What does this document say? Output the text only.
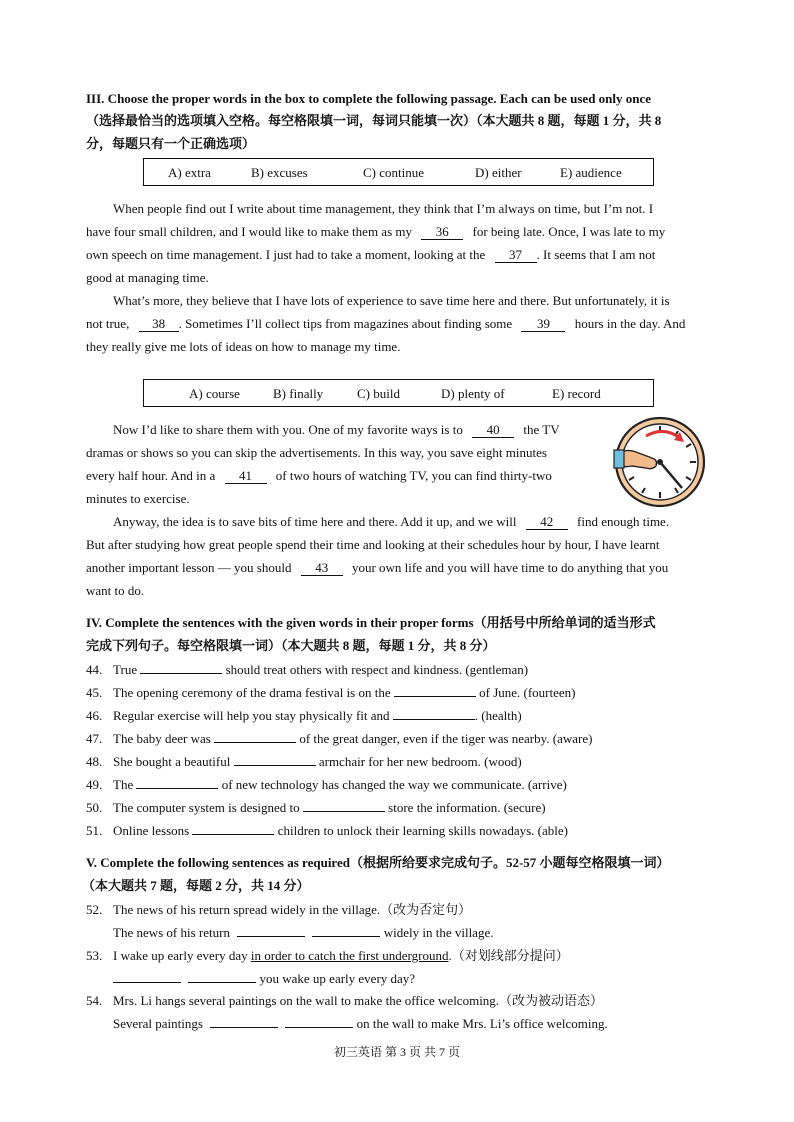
III. Choose the proper words in the box to complete the following passage. Each can be used only once
（选择最恰当的选项填入空格。每空格限填一词，每词只能填一次）（本大题共 8 题，每题 1 分，共 8
分，每题只有一个正确选项）
A) extra	B) excuses	C) continue	D) either	E) audience
When people find out I write about time management, they think that I’m always on time, but I’m not. I
have four small children, and I would like to make them as my 36 for being late. Once, I was late to my
own speech on time management. I just had to take a moment, looking at the 37 . It seems that I am not
good at managing time.
What’s more, they believe that I have lots of experience to save time here and there. But unfortunately, it is
not true, 38 . Sometimes I’ll collect tips from magazines about finding some 39 hours in the day. And
they really give me lots of ideas on how to manage my time.
A) course	B) finally	C) build	D) plenty of	E) record
Now I’d like to share them with you. One of my favorite ways is to 40 the TV
dramas or shows so you can skip the advertisements. In this way, you save eight minutes
every half hour. And in a 41 of two hours of watching TV, you can find thirty-two
minutes to exercise.
Anyway, the idea is to save bits of time here and there. Add it up, and we will 42 find enough time.
But after studying how great people spend their time and looking at their schedules hour by hour, I have learnt
another important lesson — you should 43 your own life and you will have time to do anything that you
want to do.
IV. Complete the sentences with the given words in their proper forms（用括号中所给单词的适当形式
完成下列句子。每空格限填一词）（本大题共 8 题，每题 1 分，共 8 分）
44. True	should treat others with respect and kindness. (gentleman)
45. The opening ceremony of the drama festival is on the	of June. (fourteen)
46. Regular exercise will help you stay physically fit and	. (health)
47. The baby deer was	of the great danger, even if the tiger was nearby. (aware)
48. She bought a beautiful	armchair for her new bedroom. (wood)
49. The	of new technology has changed the way we communicate. (arrive)
50. The computer system is designed to	store the information. (secure)
51. Online lessons	children to unlock their learning skills nowadays. (able)
V. Complete the following sentences as required（根据所给要求完成句子。52-57 小题每空格限填一词）
（本大题共 7 题，每题 2 分，共 14 分）
52. The news of his return spread widely in the village.（改为否定句）
The news of his return	widely in the village.
53. I wake up early every day in order to catch the first underground.（对划线部分提问）
you wake up early every day?
54. Mrs. Li hangs several paintings on the wall to make the office welcoming.（改为被动语态）
Several paintings	on the wall to make Mrs. Li’s office welcoming.
初三英语 第 3 页 共 7 页
